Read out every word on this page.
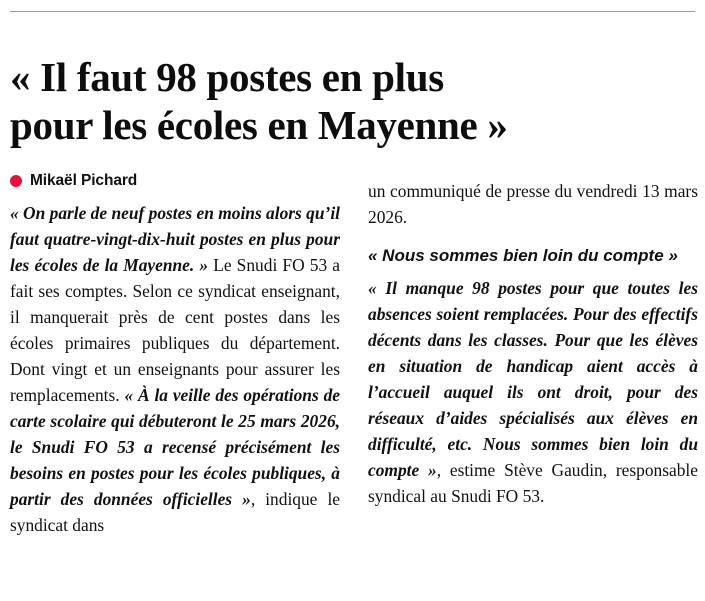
« Il faut 98 postes en plus
pour les écoles en Mayenne »
Mikaël Pichard

« On parle de neuf postes en moins alors qu’il faut quatre-vingt-dix-huit postes en plus pour les écoles de la Mayenne. » Le Snudi FO 53 a fait ses comptes. Selon ce syndicat enseignant, il manquerait près de cent postes dans les écoles primaires publiques du département. Dont vingt et un enseignants pour assurer les remplacements. « À la veille des opérations de carte scolaire qui débuteront le 25 mars 2026, le Snudi FO 53 a recensé précisément les besoins en postes pour les écoles publiques, à partir des données officielles », indique le syndicat dans

un communiqué de presse du vendredi 13 mars 2026.

« Nous sommes bien loin du compte »

« Il manque 98 postes pour que toutes les absences soient remplacées. Pour des effectifs décents dans les classes. Pour que les élèves en situation de handicap aient accès à l’accueil auquel ils ont droit, pour des réseaux d’aides spécialisés aux élèves en difficulté, etc. Nous sommes bien loin du compte », estime Stève Gaudin, responsable syndical au Snudi FO 53.
